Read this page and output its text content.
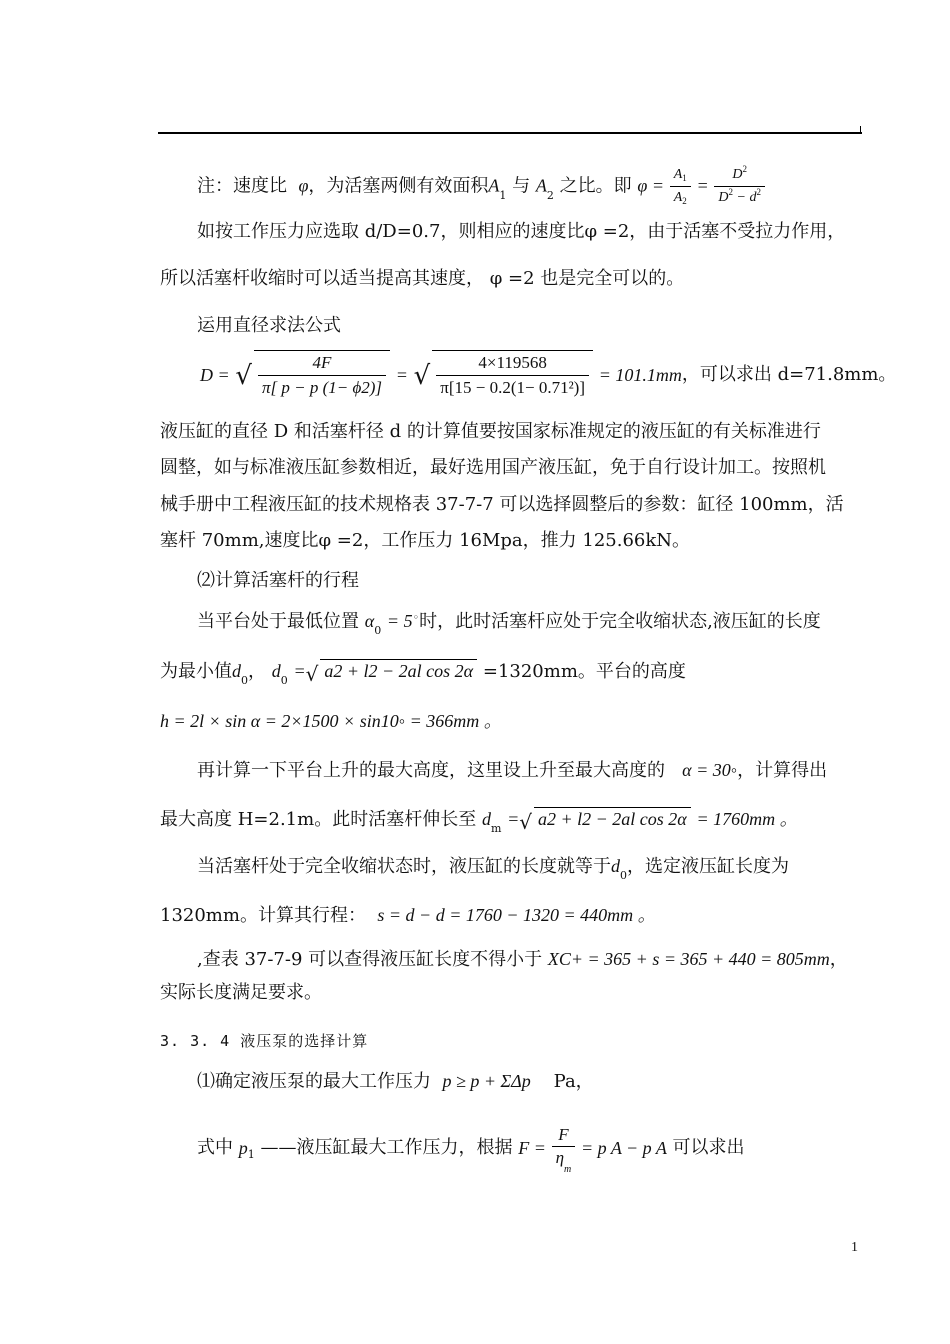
注：速度比 φ，为活塞两侧有效面积$A_1$ 与 $A_2$ 之比。即 $\varphi = \frac{A_1}{A_2} = \frac{D^2}{D^2 - d^2}$
如按工作压力应选取 d/D=0.7，则相应的速度比φ =2，由于活塞不受拉力作用，
所以活塞杆收缩时可以适当提高其速度， φ =2 也是完全可以的。
运用直径求法公式
D = √ $\frac{4F}{\pi[ p - p (1- \phi 2)]}$ = √ $\frac{4\times 119568}{\text{π[15 − 0.2(1− 0.71²)]}} = 101.1mm$，可以求出 d=71.8mm。
液压缸的直径 D 和活塞杆径 d 的计算值要按国家标准规定的液压缸的有关标准进行
圆整，如与标准液压缸参数相近，最好选用国产液压缸，免于自行设计加工。按照机
械手册中工程液压缸的技术规格表 37-7-7 可以选择圆整后的参数：缸径 100mm，活
塞杆 70mm,速度比φ =2，工作压力 16Mpa，推力 125.66kN。
⑵计算活塞杆的行程
当平台处于最低位置 $\alpha_0 = 5^◦$时，此时活塞杆应处于完全收缩状态,液压缸的长度
为最小值$d_0$， $d_0$ =√ a2 + l2 − 2al cos 2α =1320mm。平台的高度
h = 2l × sin α = 2×1500 × sin10◦ = 366mm 。
再计算一下平台上升的最大高度，这里设上升至最大高度的 α = 30◦，计算得出
最大高度 H=2.1m。此时活塞杆伸长至 $d_m$ =√ a2 + l2 − 2al cos 2α = 1760mm 。
当活塞杆处于完全收缩状态时，液压缸的长度就等于$d_0$，选定液压缸长度为
1320mm。计算其行程： s = d − d = 1760 − 1320 = 440mm 。
,查表 37-7-9 可以查得液压缸长度不得小于 XC+ = 365 + s = 365 + 440 = 805mm，
实际长度满足要求。
3. 3. 4 液压泵的选择计算
⑴确定液压泵的最大工作压力 p ≥ p + ΣΔp Pa，
式中 $p_1$ ——液压缸最大工作压力，根据 $F = \frac{F}{\eta_m} = p$ A − p A 可以求出
1
